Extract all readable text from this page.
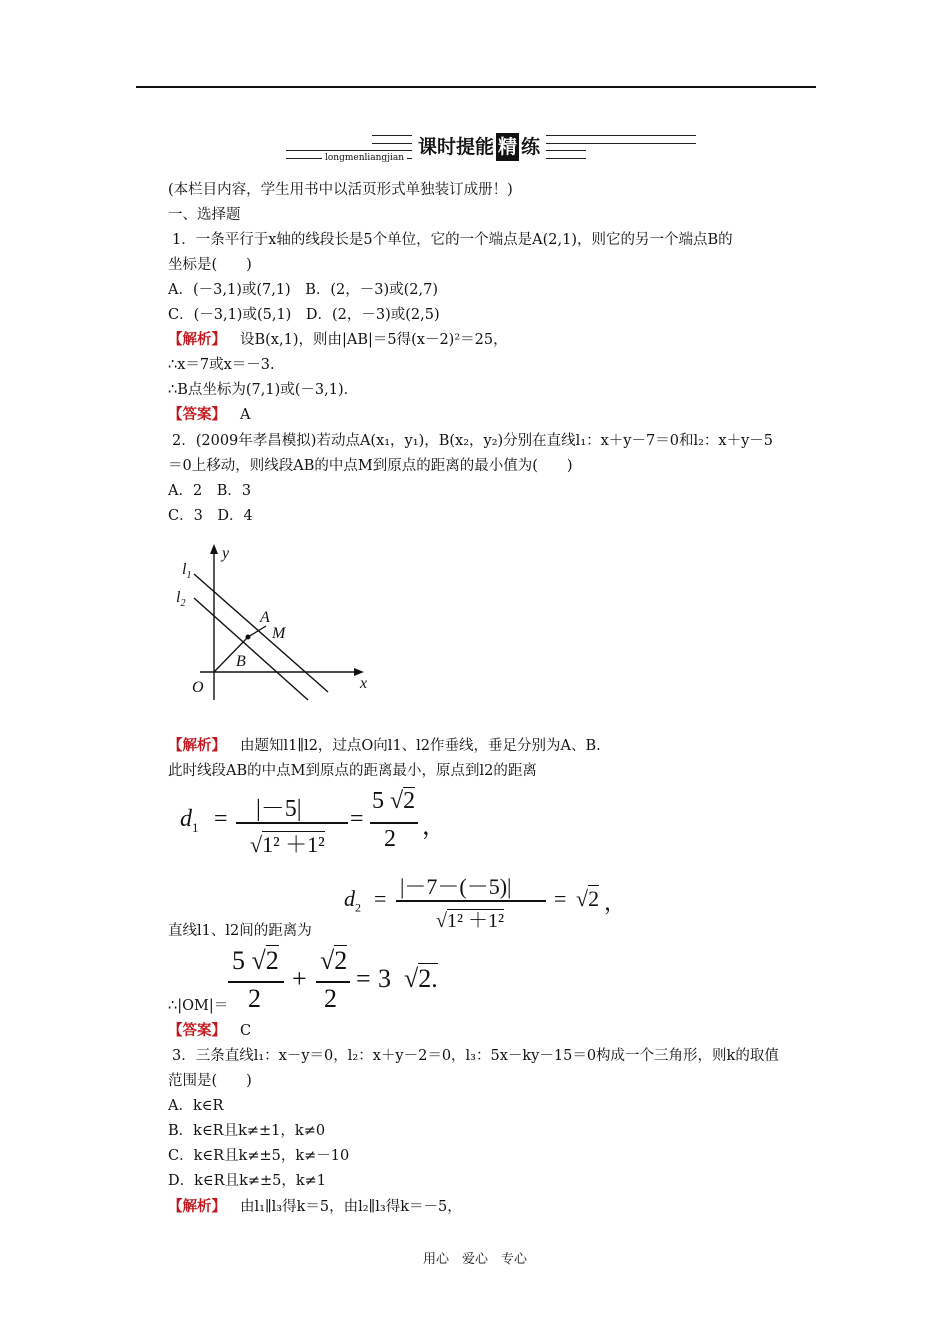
课时提能 精 练
longmenliangjian
(本栏目内容，学生用书中以活页形式单独装订成册！)
一、选择题
1．一条平行于x轴的线段长是5个单位，它的一个端点是A(2,1)，则它的另一个端点B的
坐标是(　　)
A．(－3,1)或(7,1)　B．(2，－3)或(2,7)
C．(－3,1)或(5,1)　D．(2，－3)或(2,5)
【解析】 设B(x,1)，则由|AB|＝5得(x－2)²＝25，
∴x＝7或x＝－3.
∴B点坐标为(7,1)或(－3,1)．
【答案】 A
2．(2009年孝昌模拟)若动点A(x₁，y₁)，B(x₂，y₂)分别在直线l₁：x＋y－7＝0和l₂：x＋y－5
＝0上移动，则线段AB的中点M到原点的距离的最小值为(　　)
A．2　B．3
C．3　D．4
y
x
O
$l_1$
$l_2$
A
M
B
【解析】 由题知l1∥l2，过点O向l1、l2作垂线，垂足分别为A、B.
此时线段AB的中点M到原点的距离最小，原点到l2的距离
$d_1 = |-5|$
√1² ＋1²
=
5 √2
2 ，
$d_2 = |-7-(-5)|$
√1² ＋1²
= √2 ，
直线l1、l2间的距离为
5 √2
2
+
√2
2
= 3  √2.
∴|OM|＝
【答案】 C
3．三条直线l₁：x－y＝0，l₂：x＋y－2＝0，l₃：5x－ky－15＝0构成一个三角形，则k的取值
范围是(　　)
A．k∈R
B．k∈R且k≠±1，k≠0
C．k∈R且k≠±5，k≠－10
D．k∈R且k≠±5，k≠1
【解析】 由l₁∥l₃得k＝5，由l₂∥l₃得k＝－5，
用心　爱心　专心
